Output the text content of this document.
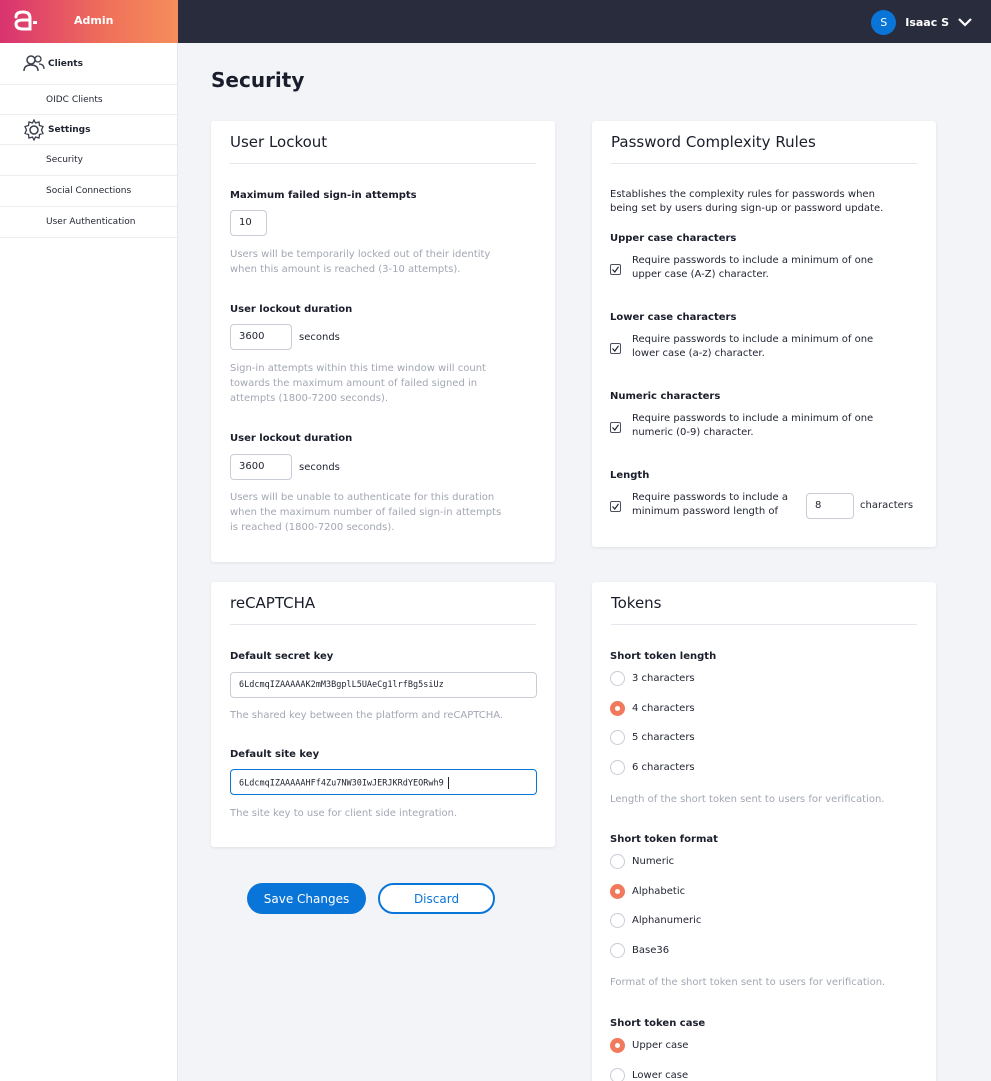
Admin	S	Isaac S
Clients
OIDC Clients
Settings
Security
Social Connections
User Authentication
Security
User Lockout
Maximum failed sign-in attempts
10
Users will be temporarily locked out of their identity
when this amount is reached (3-10 attempts).
User lockout duration
3600	seconds
Sign-in attempts within this time window will count
towards the maximum amount of failed signed in
attempts (1800-7200 seconds).
User lockout duration
3600	seconds
Users will be unable to authenticate for this duration
when the maximum number of failed sign-in attempts
is reached (1800-7200 seconds).
Password Complexity Rules
Establishes the complexity rules for passwords when
being set by users during sign-up or password update.
Upper case characters
Require passwords to include a minimum of one
upper case (A-Z) character.
Lower case characters
Require passwords to include a minimum of one
lower case (a-z) character.
Numeric characters
Require passwords to include a minimum of one
numeric (0-9) character.
Length
Require passwords to include a
minimum password length of
8	characters
reCAPTCHA
Default secret key
6LdcmqIZAAAAAK2mM3BgplL5UAeCg1lrfBg5siUz
The shared key between the platform and reCAPTCHA.
Default site key
6LdcmqIZAAAAAHFf4Zu7NW30IwJERJKRdYEORwh9
The site key to use for client side integration.
Save Changes	Discard
Tokens
Short token length
3 characters
4 characters
5 characters
6 characters
Length of the short token sent to users for verification.
Short token format
Numeric
Alphabetic
Alphanumeric
Base36
Format of the short token sent to users for verification.
Short token case
Upper case
Lower case
